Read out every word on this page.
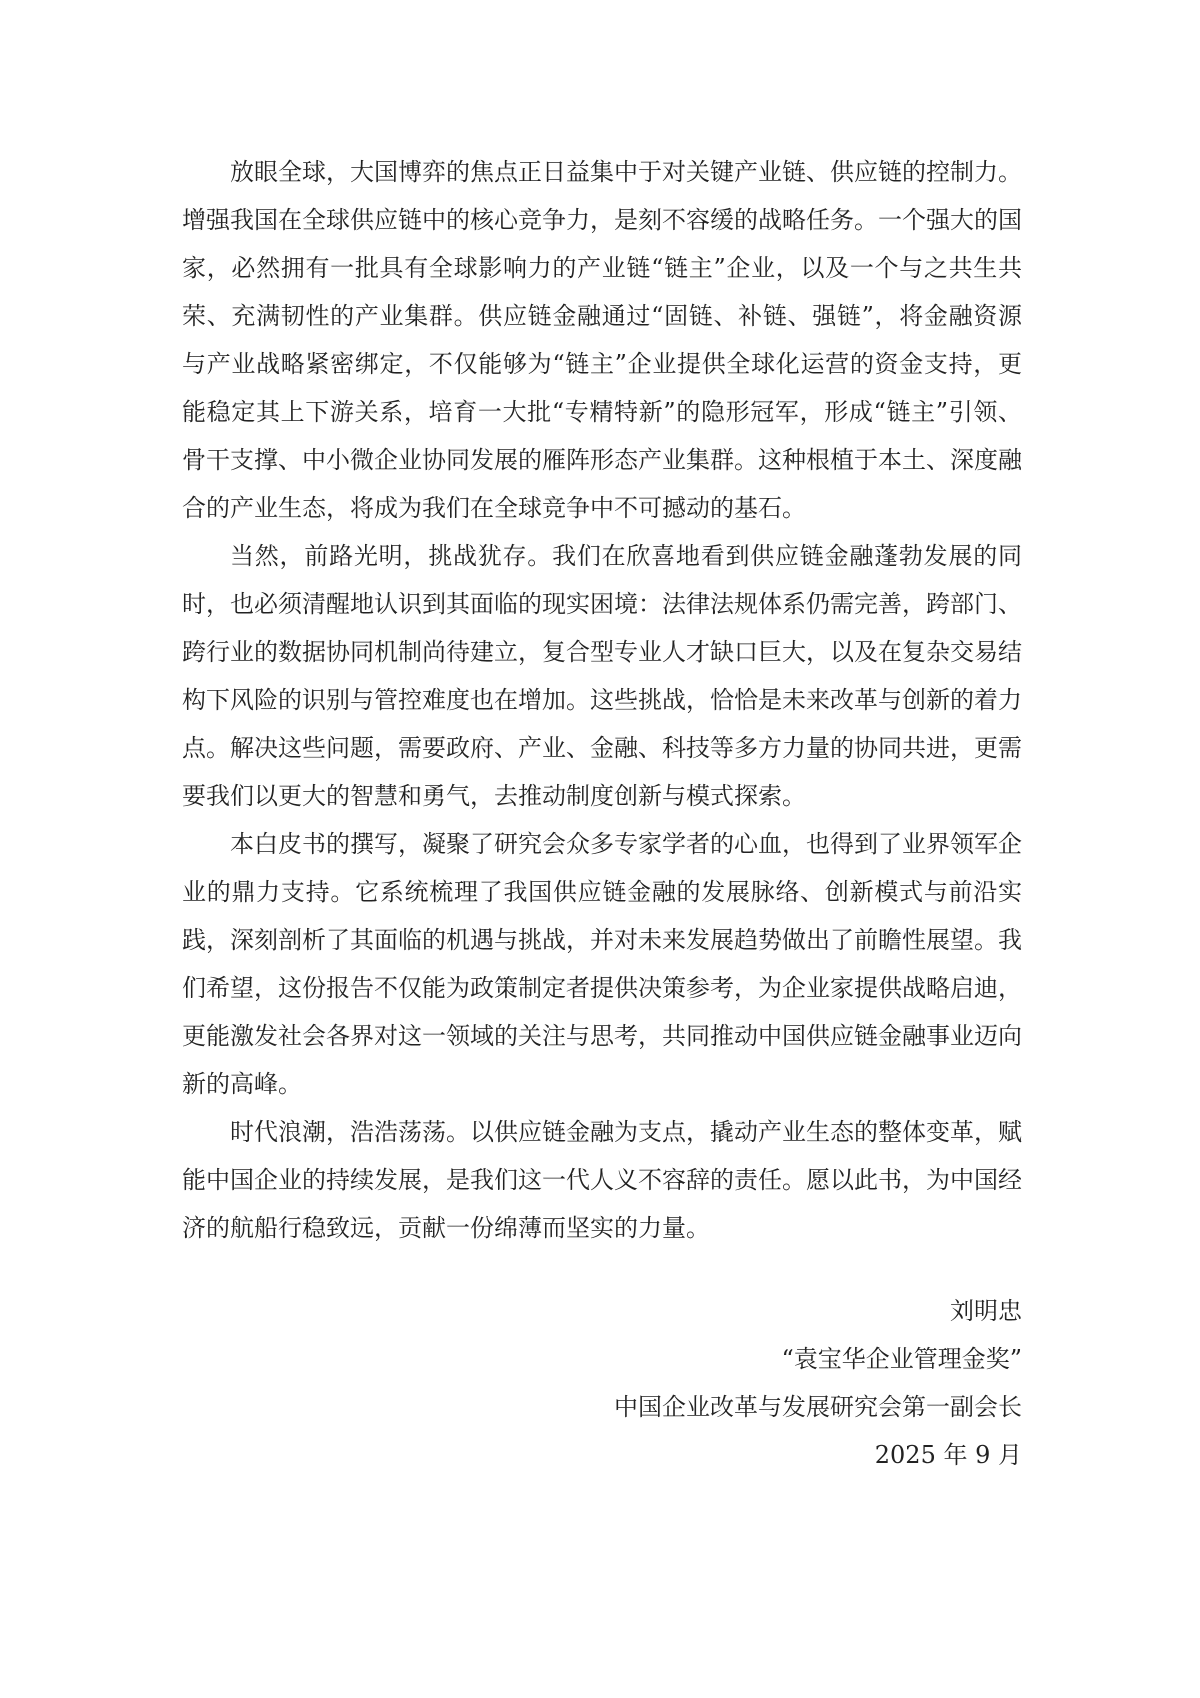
放眼全球，大国博弈的焦点正日益集中于对关键产业链、供应链的控制力。增强我国在全球供应链中的核心竞争力，是刻不容缓的战略任务。一个强大的国家，必然拥有一批具有全球影响力的产业链“链主”企业，以及一个与之共生共荣、充满韧性的产业集群。供应链金融通过“固链、补链、强链”，将金融资源与产业战略紧密绑定，不仅能够为“链主”企业提供全球化运营的资金支持，更能稳定其上下游关系，培育一大批“专精特新”的隐形冠军，形成“链主”引领、骨干支撑、中小微企业协同发展的雁阵形态产业集群。这种根植于本土、深度融合的产业生态，将成为我们在全球竞争中不可撼动的基石。

当然，前路光明，挑战犹存。我们在欣喜地看到供应链金融蓬勃发展的同时，也必须清醒地认识到其面临的现实困境：法律法规体系仍需完善，跨部门、跨行业的数据协同机制尚待建立，复合型专业人才缺口巨大，以及在复杂交易结构下风险的识别与管控难度也在增加。这些挑战，恰恰是未来改革与创新的着力点。解决这些问题，需要政府、产业、金融、科技等多方力量的协同共进，更需要我们以更大的智慧和勇气，去推动制度创新与模式探索。

本白皮书的撰写，凝聚了研究会众多专家学者的心血，也得到了业界领军企业的鼎力支持。它系统梳理了我国供应链金融的发展脉络、创新模式与前沿实践，深刻剖析了其面临的机遇与挑战，并对未来发展趋势做出了前瞻性展望。我们希望，这份报告不仅能为政策制定者提供决策参考，为企业家提供战略启迪，更能激发社会各界对这一领域的关注与思考，共同推动中国供应链金融事业迈向新的高峰。

时代浪潮，浩浩荡荡。以供应链金融为支点，撬动产业生态的整体变革，赋能中国企业的持续发展，是我们这一代人义不容辞的责任。愿以此书，为中国经济的航船行稳致远，贡献一份绵薄而坚实的力量。

刘明忠
“袁宝华企业管理金奖”
中国企业改革与发展研究会第一副会长
2025 年 9 月
